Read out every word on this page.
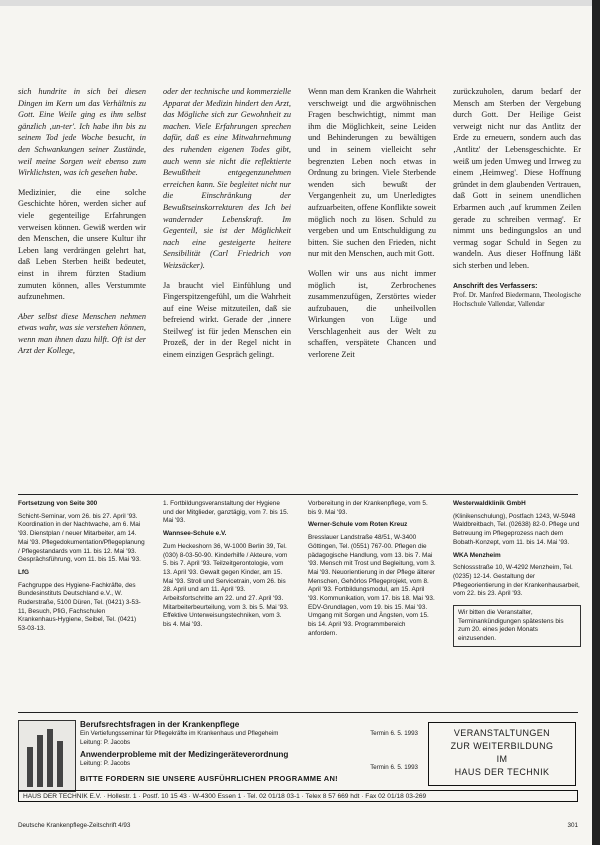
sich hundrite in sich bei diesen Dingen im Kern um das Verhältnis zu Gott. Eine Weile ging es ihm selbst gänzlich ‚un-ter'. Ich habe ihn bis zu seinem Tod jede Woche besucht, in den Schwankungen seiner Zustände, weil meine Sorgen weit ebenso zum Wirklichsten, was ich gesehen habe.

Medizinier, die eine solche Geschichte hören, werden sicher auf viele gegenteilige Erfahrungen verweisen können. Gewiß werden wir den Menschen, die unsere Kultur ihr Leben lang verdrängen gelehrt hat, daß Leben Sterben heißt bedeutet, einst in ihrem fürzten Stadium zumuten können, alles Verstummte aufzunehmen.

Aber selbst diese Menschen nehmen etwas wahr, was sie verstehen können, wenn man ihnen dazu hilft. Oft ist der Arzt der Kollege,

oder der technische und kommerzielle Apparat der Medizin hindert den Arzt, das Mögliche sich zur Gewohnheit zu machen. Viele Erfahrungen sprechen dafür, daß es eine Mitwahrnehmung des ruhenden eigenen Todes gibt, auch wenn sie nicht die reflektierte Bewußtheit entgegenzunehmen erreichen kann. Sie begleitet nicht nur die Einschränkung der Bewußtseinskorrekturen des Ich bei wandernder Lebenskraft. Im Gegenteil, sie ist der Möglichkeit nach eine gesteigerte heitere Sensibilität (Carl Friedrich von Weizsäcker).

Ja braucht viel Einfühlung und Fingerspitzengefühl, um die Wahrheit auf eine Weise mitzuteilen, daß sie befreiend wirkt. Gerade der ‚innere Steilweg' ist für jeden Menschen ein Prozeß, der in der Regel nicht in einem einzigen Gespräch gelingt.

Wenn man dem Kranken die Wahrheit verschweigt und die argwöhnischen Fragen beschwichtigt, nimmt man ihm die Möglichkeit, seine Leiden und Behinderungen zu bewältigen und in seinem vielleicht sehr begrenzten Leben noch etwas in Ordnung zu bringen. Viele Sterbende wenden sich bewußt der Vergangenheit zu, um Unerledigtes aufzuarbeiten, offene Konflikte soweit möglich noch zu lösen. Schuld zu vergeben und um Entschuldigung zu bitten. Sie suchen den Frieden, nicht nur mit den Menschen, auch mit Gott.

Wollen wir uns aus nicht immer möglich ist, Zerbrochenes zusammenzufügen, Zerstörtes wieder aufzubauen, die unheilvollen Wirkungen von Lüge und Verschlagenheit aus der Welt zu schaffen, verspätete Chancen und verlorene Zeit

zurückzuholen, darum bedarf der Mensch am Sterben der Vergebung durch Gott. Der Heilige Geist verweigt nicht nur das Antlitz der Erde zu erneuern, sondern auch das ‚Antlitz' der Lebensgeschichte. Er weiß um jeden Umweg und Irrweg zu einem ‚Heimweg'. Diese Hoffnung gründet in dem glaubenden Vertrauen, daß Gott in seinem unendlichen Erbarmen auch ‚auf krummen Zeilen gerade zu schreiben vermag'. Er nimmt uns bedingungslos an und vermag sogar Schuld in Segen zu wandeln. Aus dieser Hoffnung läßt sich sterben und leben.

Anschrift des Verfassers:
Prof. Dr. Manfred Biedermann, Theologische Hochschule Vallendar, Vallendar

Fortsetzung von Seite 300

Schicht-Seminar, vom 26. bis 27. April '93. Koordination in der Nachtwache, am 6. Mai '93. Dienstplan / neuer Mitarbeiter, am 14. Mai '93. Pflegedokumentation/Pflegeplanung / Pflegestandards vom 11. bis 12. Mai '93. Gesprächsführung, vom 11. bis 15. Mai '93.

LfG

Fachgruppe des Hygiene-Fachkräfte, des Bundesinstituts Deutschland e.V., W. Ruderstraße, 5100 Düren, Tel. (0421) 3-53-11, Besuch, PfiG, Fachschulen Krankenhaus-Hygiene, Seibel, Tel. (0421) 53-03-13.

1. Fortbildungsveranstaltung der Hygiene und der Mitglieder, ganztägig, vom 7. bis 15. Mai '93.

Wannsee-Schule e.V.

Zum Heckeshorn 36, W-1000 Berlin 39, Tel. (030) 8-03-50-90. Kinderhilfe / Akteure, vom 5. bis 7. April '93. Teilzeitgerontologie, vom 13. April '93. Gewalt gegen Kinder, am 15. Mai '93. Stroll und Servicetrain, vom 26. bis 28. April und am 11. April '93. Arbeitsfortschritte am 22. und 27. April '93. Mitarbeiterbeurteilung, vom 3. bis 5. Mai '93. Effektive Unterweisungstechniken, vom 3. bis 4. Mai '93.

Vorbereitung in der Krankenpflege, vom 5. bis 9. Mai '93.

Werner-Schule vom Roten Kreuz

Bresslauer Landstraße 48/51, W-3400 Göttingen, Tel. (0551) 767-00. Pflegen die pädagogische Handlung, vom 13. bis 7. Mai '93. Mensch mit Trost und Begleitung, vom 3. Mai '93. Neuorientierung in der Pflege älterer Menschen, Gehörlos Pflegeprojekt, vom 8. April '93. Fortbildungsmodul, am 15. April '93. Kommunikation, vom 17. bis 18. Mai '93. EDV-Grundlagen, vom 19. bis 15. Mai '93. Umgang mit Sorgen und Ängsten, vom 15. bis 14. April '93. Programmbereich anfordern.

Westerwaldklinik GmbH

(Klinikenschulung), Postfach 1243, W-5948 Waldbreitbach, Tel. (02638) 82-0. Pflege und Betreuung im Pflegeprozess nach dem Bobath-Konzept, vom 11. bis 14. Mai '93.

WKA Menzheim

Schlossstraße 10, W-4292 Menzheim, Tel. (0235) 12-14. Gestaltung der Pflegeorientierung in der Krankenhausarbeit, vom 22. bis 23. April '93.

Wir bitten die Veranstalter, Terminankündigungen spätestens bis zum 20. eines jeden Monats einzusenden.
Berufsrechtsfragen in der Krankenpflege
Ein Vertiefungsseminar für Pflegekräfte im Krankenhaus und Pflegeheim
Leitung: P. Jacobs
Anwenderprobleme mit der Medizingeräteverordnung
Leitung: P. Jacobs
Termin 6. 5. 1993
Termin 6. 5. 1993
BITTE FORDERN SIE UNSERE AUSFÜHRLICHEN PROGRAMME AN!
VERANSTALTUNGEN
ZUR WEITERBILDUNG
IM
HAUS DER TECHNIK
HAUS DER TECHNIK E.V. · Hollestr. 1 · Postf. 10 15 43 · W-4300 Essen 1 · Tel. 02 01/18 03-1 · Telex 8 57 669 hdt · Fax 02 01/18 03-269
Deutsche Krankenpflege-Zeitschrift 4/93	301
